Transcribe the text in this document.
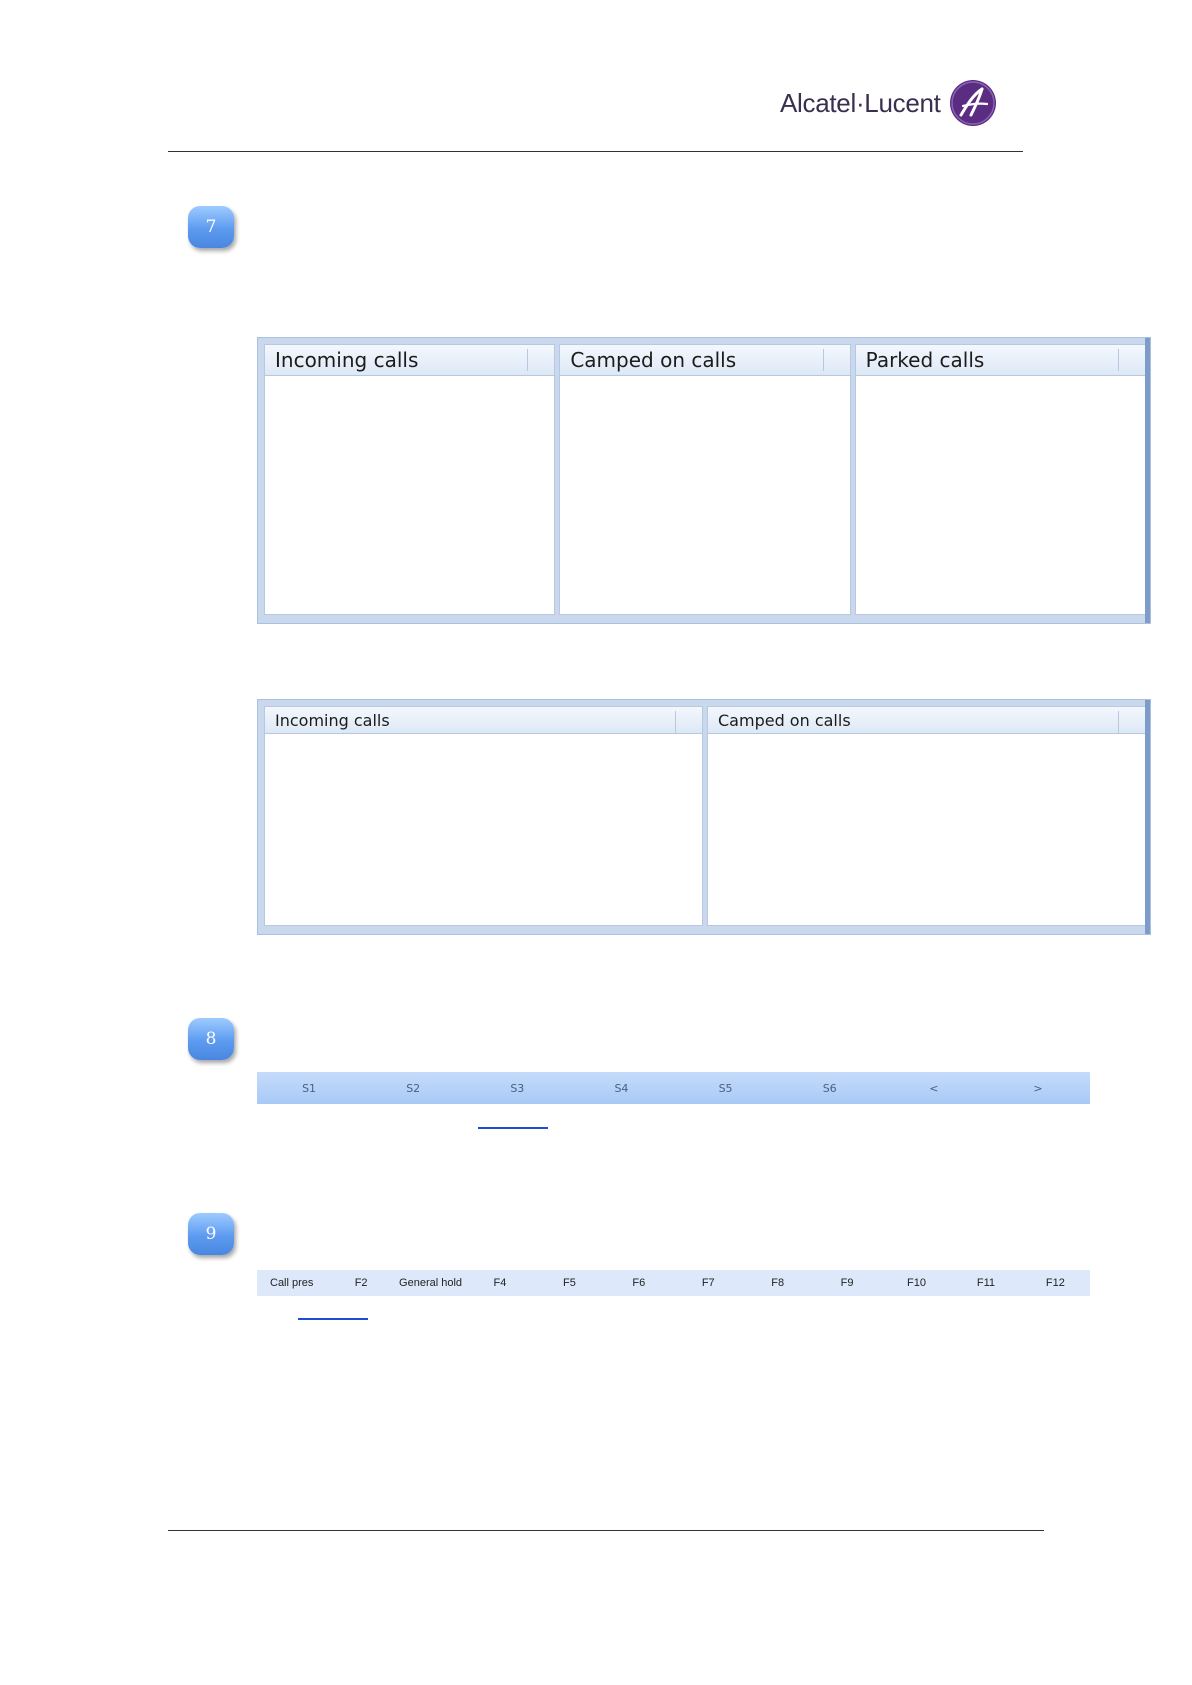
Alcatel·Lucent
7
Incoming calls	Camped on calls	Parked calls
Incoming calls	Camped on calls
8
S1	S2	S3	S4	S5	S6	<	>
9
Call pres	F2	General hold	F4	F5	F6	F7	F8	F9	F10	F11	F12
